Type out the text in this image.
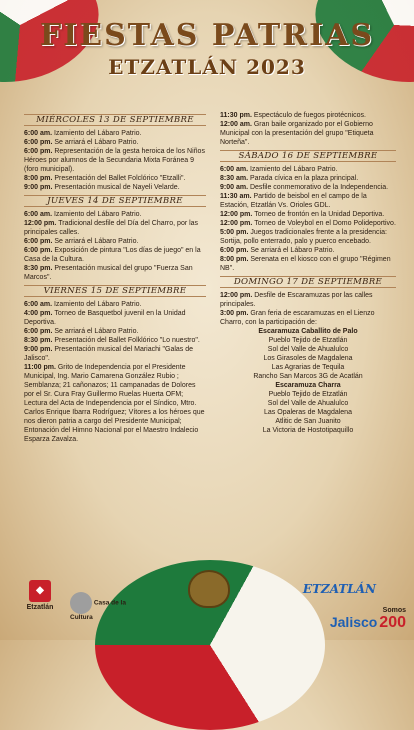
FIESTAS PATRIAS
ETZATLÁN 2023
MIÉRCOLES 13 DE SEPTIEMBRE
6:00 am. Izamiento del Lábaro Patrio.
6:00 pm. Se arriará el Lábaro Patrio.
6:00 pm. Representación de la gesta heroica de los Niños Héroes por alumnos de la Secundaria Mixta Foránea 9 (foro municipal).
8:00 pm. Presentación del Ballet Folclórico "Etzalli".
9:00 pm. Presentación musical de Nayeli Velarde.
JUEVES 14 DE SEPTIEMBRE
6:00 am. Izamiento del Lábaro Patrio.
12:00 pm. Tradicional desfile del Día del Charro, por las principales calles.
6:00 pm. Se arriará el Lábaro Patrio.
6:00 pm. Exposición de pintura "Los días de juego" en la Casa de la Cultura.
8:30 pm. Presentación musical del grupo "Fuerza San Marcos".
VIERNES 15 DE SEPTIEMBRE
6:00 am. Izamiento del Lábaro Patrio.
4:00 pm. Torneo de Basquetbol juvenil en la Unidad Deportiva.
6:00 pm. Se arriará el Lábaro Patrio.
8:30 pm. Presentación del Ballet Folklórico "Lo nuestro".
9:00 pm. Presentación musical del Mariachi "Galas de Jalisco".
11:00 pm. Grito de Independencia por el Presidente Municipal, Ing. Mario Camarena González Rubio ; Semblanza; 21 cañonazos; 11 campanadas de Dolores por el Sr. Cura Fray Guillermo Ruelas Huerta OFM; Lectura del Acta de Independencia por el Síndico, Mtro. Carlos Enrique Ibarra Rodríguez; Vítores a los héroes que nos dieron patria a cargo del Presidente Municipal; Entonación del Himno Nacional por el Maestro Indalecio Esparza Zavalza.
11:30 pm. Espectáculo de fuegos pirotécnicos.
12:00 am. Gran baile organizado por el Gobierno Municipal con la presentación del grupo "Etiqueta Norteña".
SÁBADO 16 DE SEPTIEMBRE
6:00 am. Izamiento del Lábaro Patrio.
8:30 am. Parada cívica en la plaza principal.
9:00 am. Desfile conmemorativo de la Independencia.
11:30 am. Partido de beisbol en el campo de la Estación, Etzatlán Vs. Orioles GDL.
12:00 pm. Torneo de frontón en la Unidad Deportiva.
12:00 pm. Torneo de Voleybol en el Domo Polideportivo.
5:00 pm. Juegos tradicionales frente a la presidencia: Sortija, pollo enterrado, palo y puerco encebado.
6:00 pm. Se arriará el Lábaro Patrio.
8:00 pm. Serenata en el kiosco con el grupo "Régimen NB".
DOMINGO 17 DE SEPTIEMBRE
12:00 pm. Desfile de Escaramuzas por las calles principales.
3:00 pm. Gran feria de escaramuzas en el Lienzo Charro, con la participación de:
Escaramuza Caballito de Palo
Pueblo Tejido de Etzatlán
Sol del Valle de Ahualulco
Los Girasoles de Magdalena
Las Agrarias de Tequila
Rancho San Marcos 3G de Acatlán
Escaramuza Charra
Pueblo Tejido de Etzatlán
Sol del Valle de Ahualulco
Las Opaleras de Magdalena
Atlitic de San Juanito
La Victoria de Hostotipaquillo
◆
Etzatlán
Casa de la Cultura
ETZATLÁN
Somos
Jalisco 200
